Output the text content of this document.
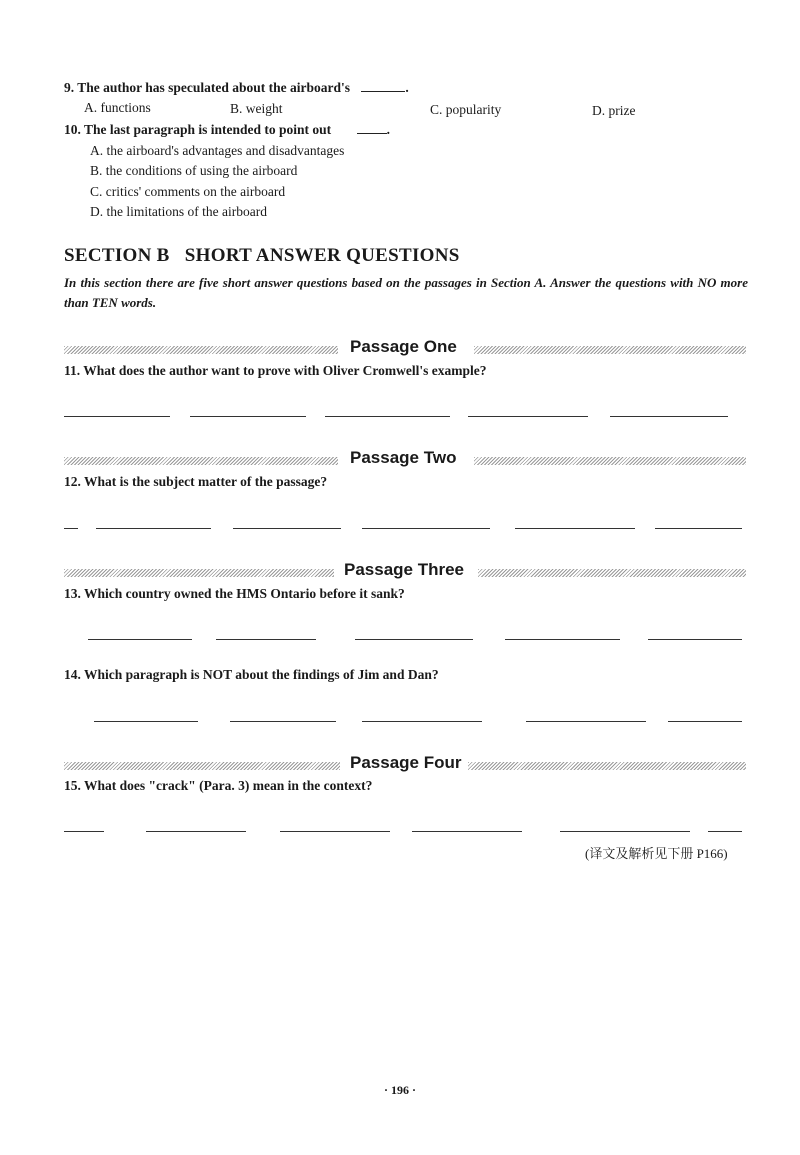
9. The author has speculated about the airboard's	.
A. functions	B. weight	C. popularity	D. prize
10. The last paragraph is intended to point out	.
A. the airboard's advantages and disadvantages
B. the conditions of using the airboard
C. critics' comments on the airboard
D. the limitations of the airboard
SECTION B   SHORT ANSWER QUESTIONS
In this section there are five short answer questions based on the passages in Section A. Answer the questions with NO more than TEN words.
Passage One
11. What does the author want to prove with Oliver Cromwell's example?
Passage Two
12. What is the subject matter of the passage?
Passage Three
13. Which country owned the HMS Ontario before it sank?
14. Which paragraph is NOT about the findings of Jim and Dan?
Passage Four
15. What does "crack" (Para. 3) mean in the context?
(译文及解析见下册 P166)
· 196 ·
